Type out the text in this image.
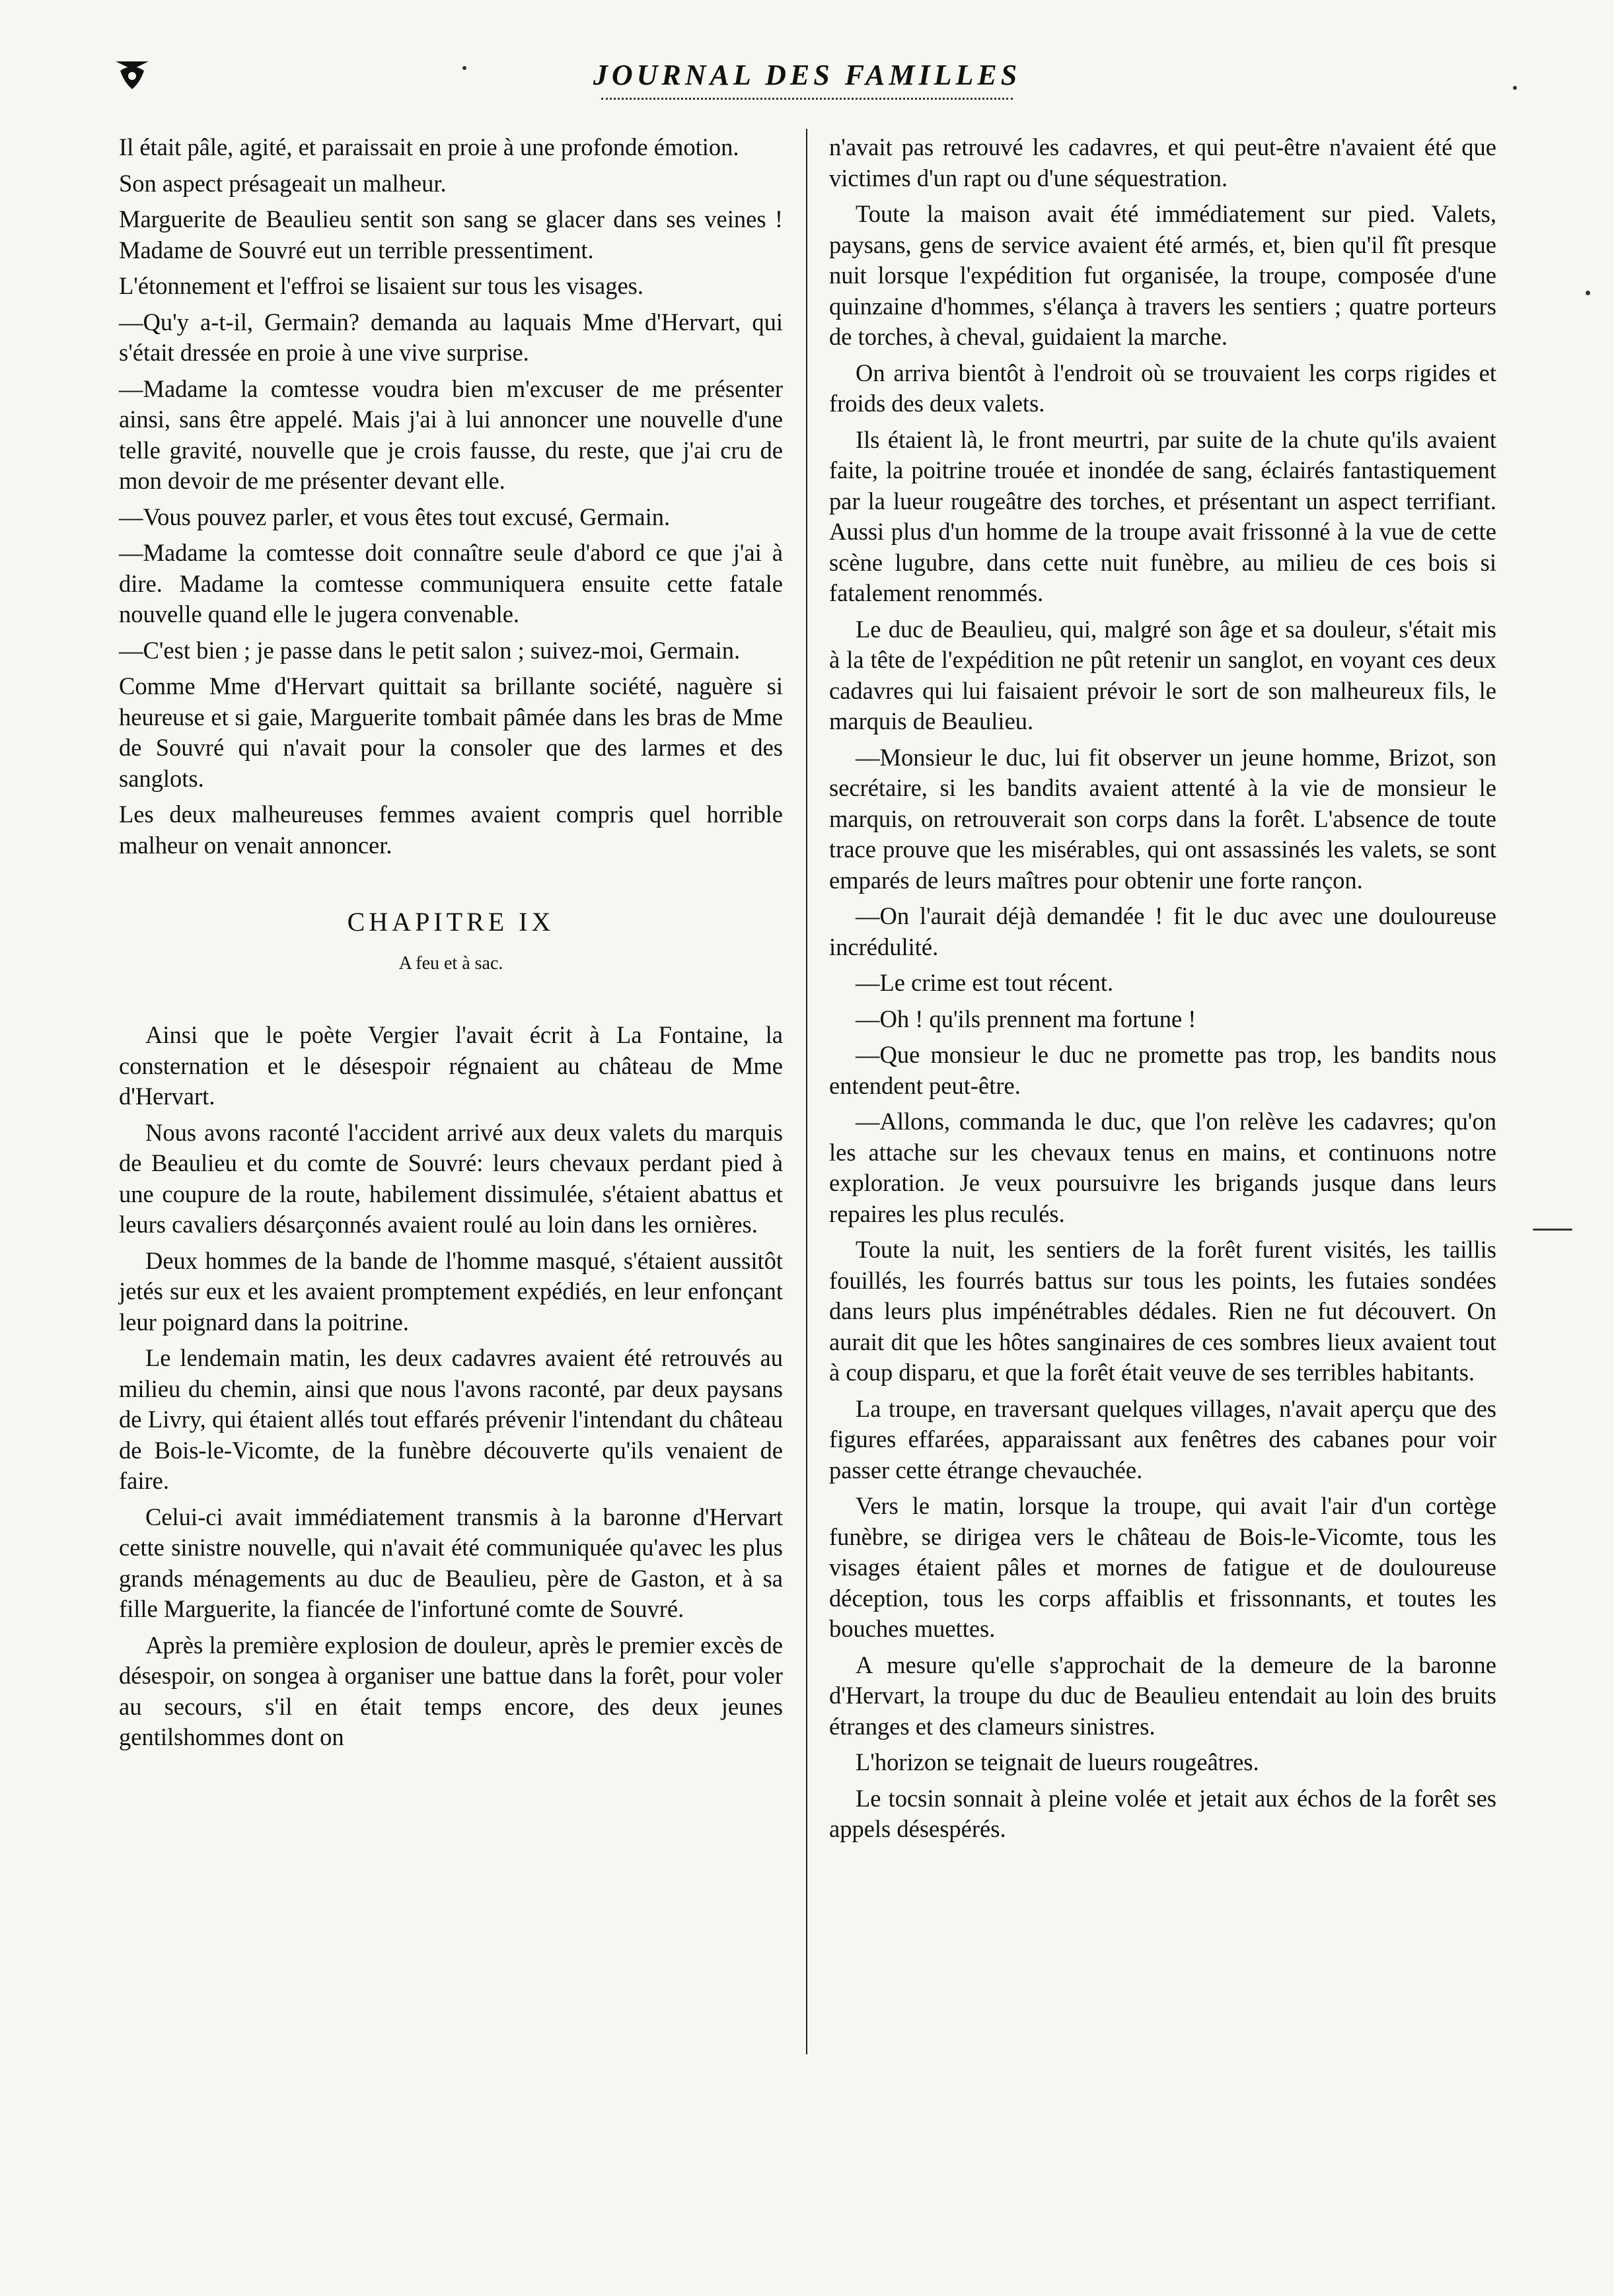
JOURNAL DES FAMILLES

Il était pâle, agité, et paraissait en proie à une profonde émotion.

Son aspect présageait un malheur.

Marguerite de Beaulieu sentit son sang se glacer dans ses veines ! Madame de Souvré eut un terrible pressentiment.

L'étonnement et l'effroi se lisaient sur tous les visages.

—Qu'y a-t-il, Germain? demanda au laquais Mme d'Hervart, qui s'était dressée en proie à une vive surprise.

—Madame la comtesse voudra bien m'excuser de me présenter ainsi, sans être appelé. Mais j'ai à lui annoncer une nouvelle d'une telle gravité, nouvelle que je crois fausse, du reste, que j'ai cru de mon devoir de me présenter devant elle.

—Vous pouvez parler, et vous êtes tout excusé, Germain.

—Madame la comtesse doit connaître seule d'abord ce que j'ai à dire. Madame la comtesse communiquera ensuite cette fatale nouvelle quand elle le jugera convenable.

—C'est bien ; je passe dans le petit salon ; suivez-moi, Germain.

Comme Mme d'Hervart quittait sa brillante société, naguère si heureuse et si gaie, Marguerite tombait pâmée dans les bras de Mme de Souvré qui n'avait pour la consoler que des larmes et des sanglots.

Les deux malheureuses femmes avaient compris quel horrible malheur on venait annoncer.

CHAPITRE IX
A feu et à sac.

Ainsi que le poète Vergier l'avait écrit à La Fontaine, la consternation et le désespoir régnaient au château de Mme d'Hervart.

Nous avons raconté l'accident arrivé aux deux valets du marquis de Beaulieu et du comte de Souvré: leurs chevaux perdant pied à une coupure de la route, habilement dissimulée, s'étaient abattus et leurs cavaliers désarçonnés avaient roulé au loin dans les ornières.

Deux hommes de la bande de l'homme masqué, s'étaient aussitôt jetés sur eux et les avaient promptement expédiés, en leur enfonçant leur poignard dans la poitrine.

Le lendemain matin, les deux cadavres avaient été retrouvés au milieu du chemin, ainsi que nous l'avons raconté, par deux paysans de Livry, qui étaient allés tout effarés prévenir l'intendant du château de Bois-le-Vicomte, de la funèbre découverte qu'ils venaient de faire.

Celui-ci avait immédiatement transmis à la baronne d'Hervart cette sinistre nouvelle, qui n'avait été communiquée qu'avec les plus grands ménagements au duc de Beaulieu, père de Gaston, et à sa fille Marguerite, la fiancée de l'infortuné comte de Souvré.

Après la première explosion de douleur, après le premier excès de désespoir, on songea à organiser une battue dans la forêt, pour voler au secours, s'il en était temps encore, des deux jeunes gentilshommes dont on

n'avait pas retrouvé les cadavres, et qui peut-être n'avaient été que victimes d'un rapt ou d'une séquestration.

Toute la maison avait été immédiatement sur pied. Valets, paysans, gens de service avaient été armés, et, bien qu'il fît presque nuit lorsque l'expédition fut organisée, la troupe, composée d'une quinzaine d'hommes, s'élança à travers les sentiers ; quatre porteurs de torches, à cheval, guidaient la marche.

On arriva bientôt à l'endroit où se trouvaient les corps rigides et froids des deux valets.

Ils étaient là, le front meurtri, par suite de la chute qu'ils avaient faite, la poitrine trouée et inondée de sang, éclairés fantastiquement par la lueur rougeâtre des torches, et présentant un aspect terrifiant. Aussi plus d'un homme de la troupe avait frissonné à la vue de cette scène lugubre, dans cette nuit funèbre, au milieu de ces bois si fatalement renommés.

Le duc de Beaulieu, qui, malgré son âge et sa douleur, s'était mis à la tête de l'expédition ne pût retenir un sanglot, en voyant ces deux cadavres qui lui faisaient prévoir le sort de son malheureux fils, le marquis de Beaulieu.

—Monsieur le duc, lui fit observer un jeune homme, Brizot, son secrétaire, si les bandits avaient attenté à la vie de monsieur le marquis, on retrouverait son corps dans la forêt. L'absence de toute trace prouve que les misérables, qui ont assassinés les valets, se sont emparés de leurs maîtres pour obtenir une forte rançon.

—On l'aurait déjà demandée ! fit le duc avec une douloureuse incrédulité.

—Le crime est tout récent.

—Oh ! qu'ils prennent ma fortune !

—Que monsieur le duc ne promette pas trop, les bandits nous entendent peut-être.

—Allons, commanda le duc, que l'on relève les cadavres; qu'on les attache sur les chevaux tenus en mains, et continuons notre exploration. Je veux poursuivre les brigands jusque dans leurs repaires les plus reculés.

Toute la nuit, les sentiers de la forêt furent visités, les taillis fouillés, les fourrés battus sur tous les points, les futaies sondées dans leurs plus impénétrables dédales. Rien ne fut découvert. On aurait dit que les hôtes sanginaires de ces sombres lieux avaient tout à coup disparu, et que la forêt était veuve de ses terribles habitants.

La troupe, en traversant quelques villages, n'avait aperçu que des figures effarées, apparaissant aux fenêtres des cabanes pour voir passer cette étrange chevauchée.

Vers le matin, lorsque la troupe, qui avait l'air d'un cortège funèbre, se dirigea vers le château de Bois-le-Vicomte, tous les visages étaient pâles et mornes de fatigue et de douloureuse déception, tous les corps affaiblis et frissonnants, et toutes les bouches muettes.

A mesure qu'elle s'approchait de la demeure de la baronne d'Hervart, la troupe du duc de Beaulieu entendait au loin des bruits étranges et des clameurs sinistres.

L'horizon se teignait de lueurs rougeâtres.

Le tocsin sonnait à pleine volée et jetait aux échos de la forêt ses appels désespérés.
